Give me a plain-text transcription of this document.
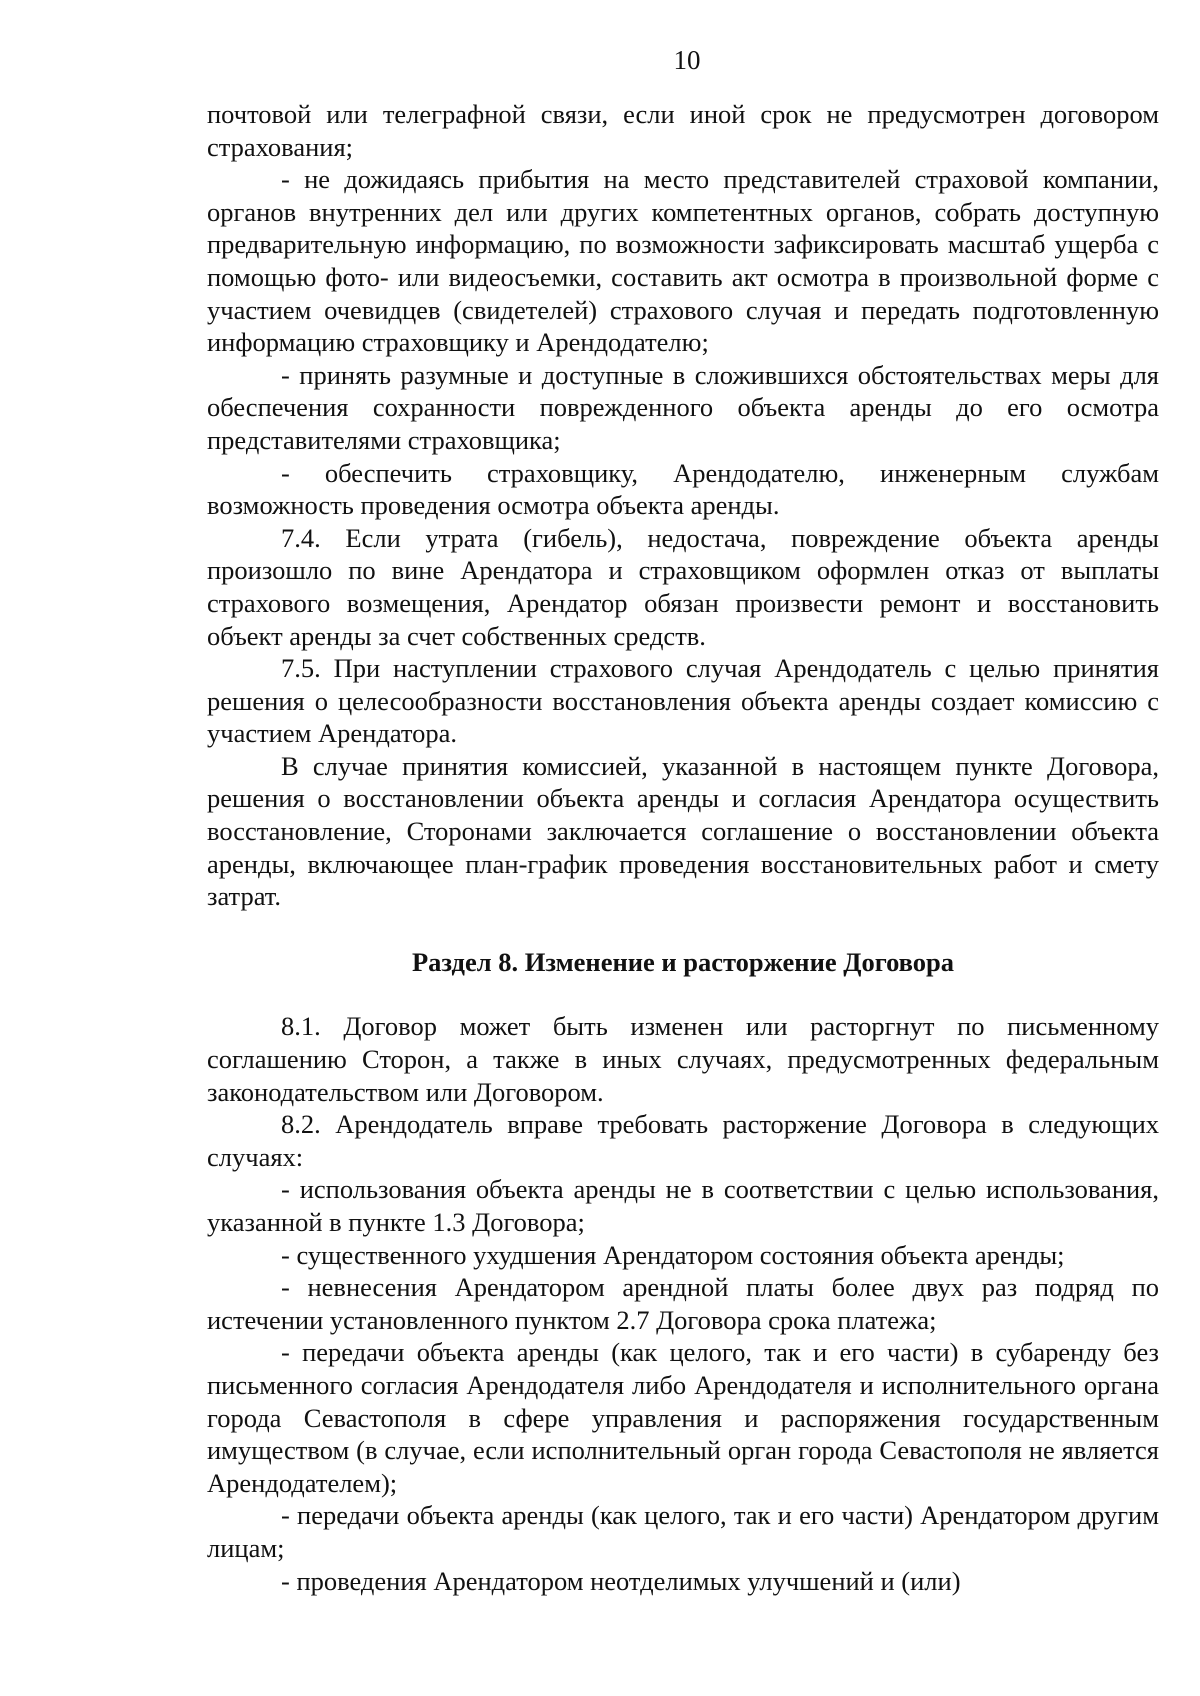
10

почтовой или телеграфной связи, если иной срок не предусмотрен договором страхования;

- не дожидаясь прибытия на место представителей страховой компании, органов внутренних дел или других компетентных органов, собрать доступную предварительную информацию, по возможности зафиксировать масштаб ущерба с помощью фото- или видеосъемки, составить акт осмотра в произвольной форме с участием очевидцев (свидетелей) страхового случая и передать подготовленную информацию страховщику и Арендодателю;

- принять разумные и доступные в сложившихся обстоятельствах меры для обеспечения сохранности поврежденного объекта аренды до его осмотра представителями страховщика;

- обеспечить страховщику, Арендодателю, инженерным службам возможность проведения осмотра объекта аренды.

7.4. Если утрата (гибель), недостача, повреждение объекта аренды произошло по вине Арендатора и страховщиком оформлен отказ от выплаты страхового возмещения, Арендатор обязан произвести ремонт и восстановить объект аренды за счет собственных средств.

7.5. При наступлении страхового случая Арендодатель с целью принятия решения о целесообразности восстановления объекта аренды создает комиссию с участием Арендатора.

В случае принятия комиссией, указанной в настоящем пункте Договора, решения о восстановлении объекта аренды и согласия Арендатора осуществить восстановление, Сторонами заключается соглашение о восстановлении объекта аренды, включающее план-график проведения восстановительных работ и смету затрат.

Раздел 8. Изменение и расторжение Договора

8.1. Договор может быть изменен или расторгнут по письменному соглашению Сторон, а также в иных случаях, предусмотренных федеральным законодательством или Договором.

8.2. Арендодатель вправе требовать расторжение Договора в следующих случаях:

- использования объекта аренды не в соответствии с целью использования, указанной в пункте 1.3 Договора;

- существенного ухудшения Арендатором состояния объекта аренды;

- невнесения Арендатором арендной платы более двух раз подряд по истечении установленного пунктом 2.7 Договора срока платежа;

- передачи объекта аренды (как целого, так и его части) в субаренду без письменного согласия Арендодателя либо Арендодателя и исполнительного органа города Севастополя в сфере управления и распоряжения государственным имуществом (в случае, если исполнительный орган города Севастополя не является Арендодателем);

- передачи объекта аренды (как целого, так и его части) Арендатором другим лицам;

- проведения Арендатором неотделимых улучшений и (или)
